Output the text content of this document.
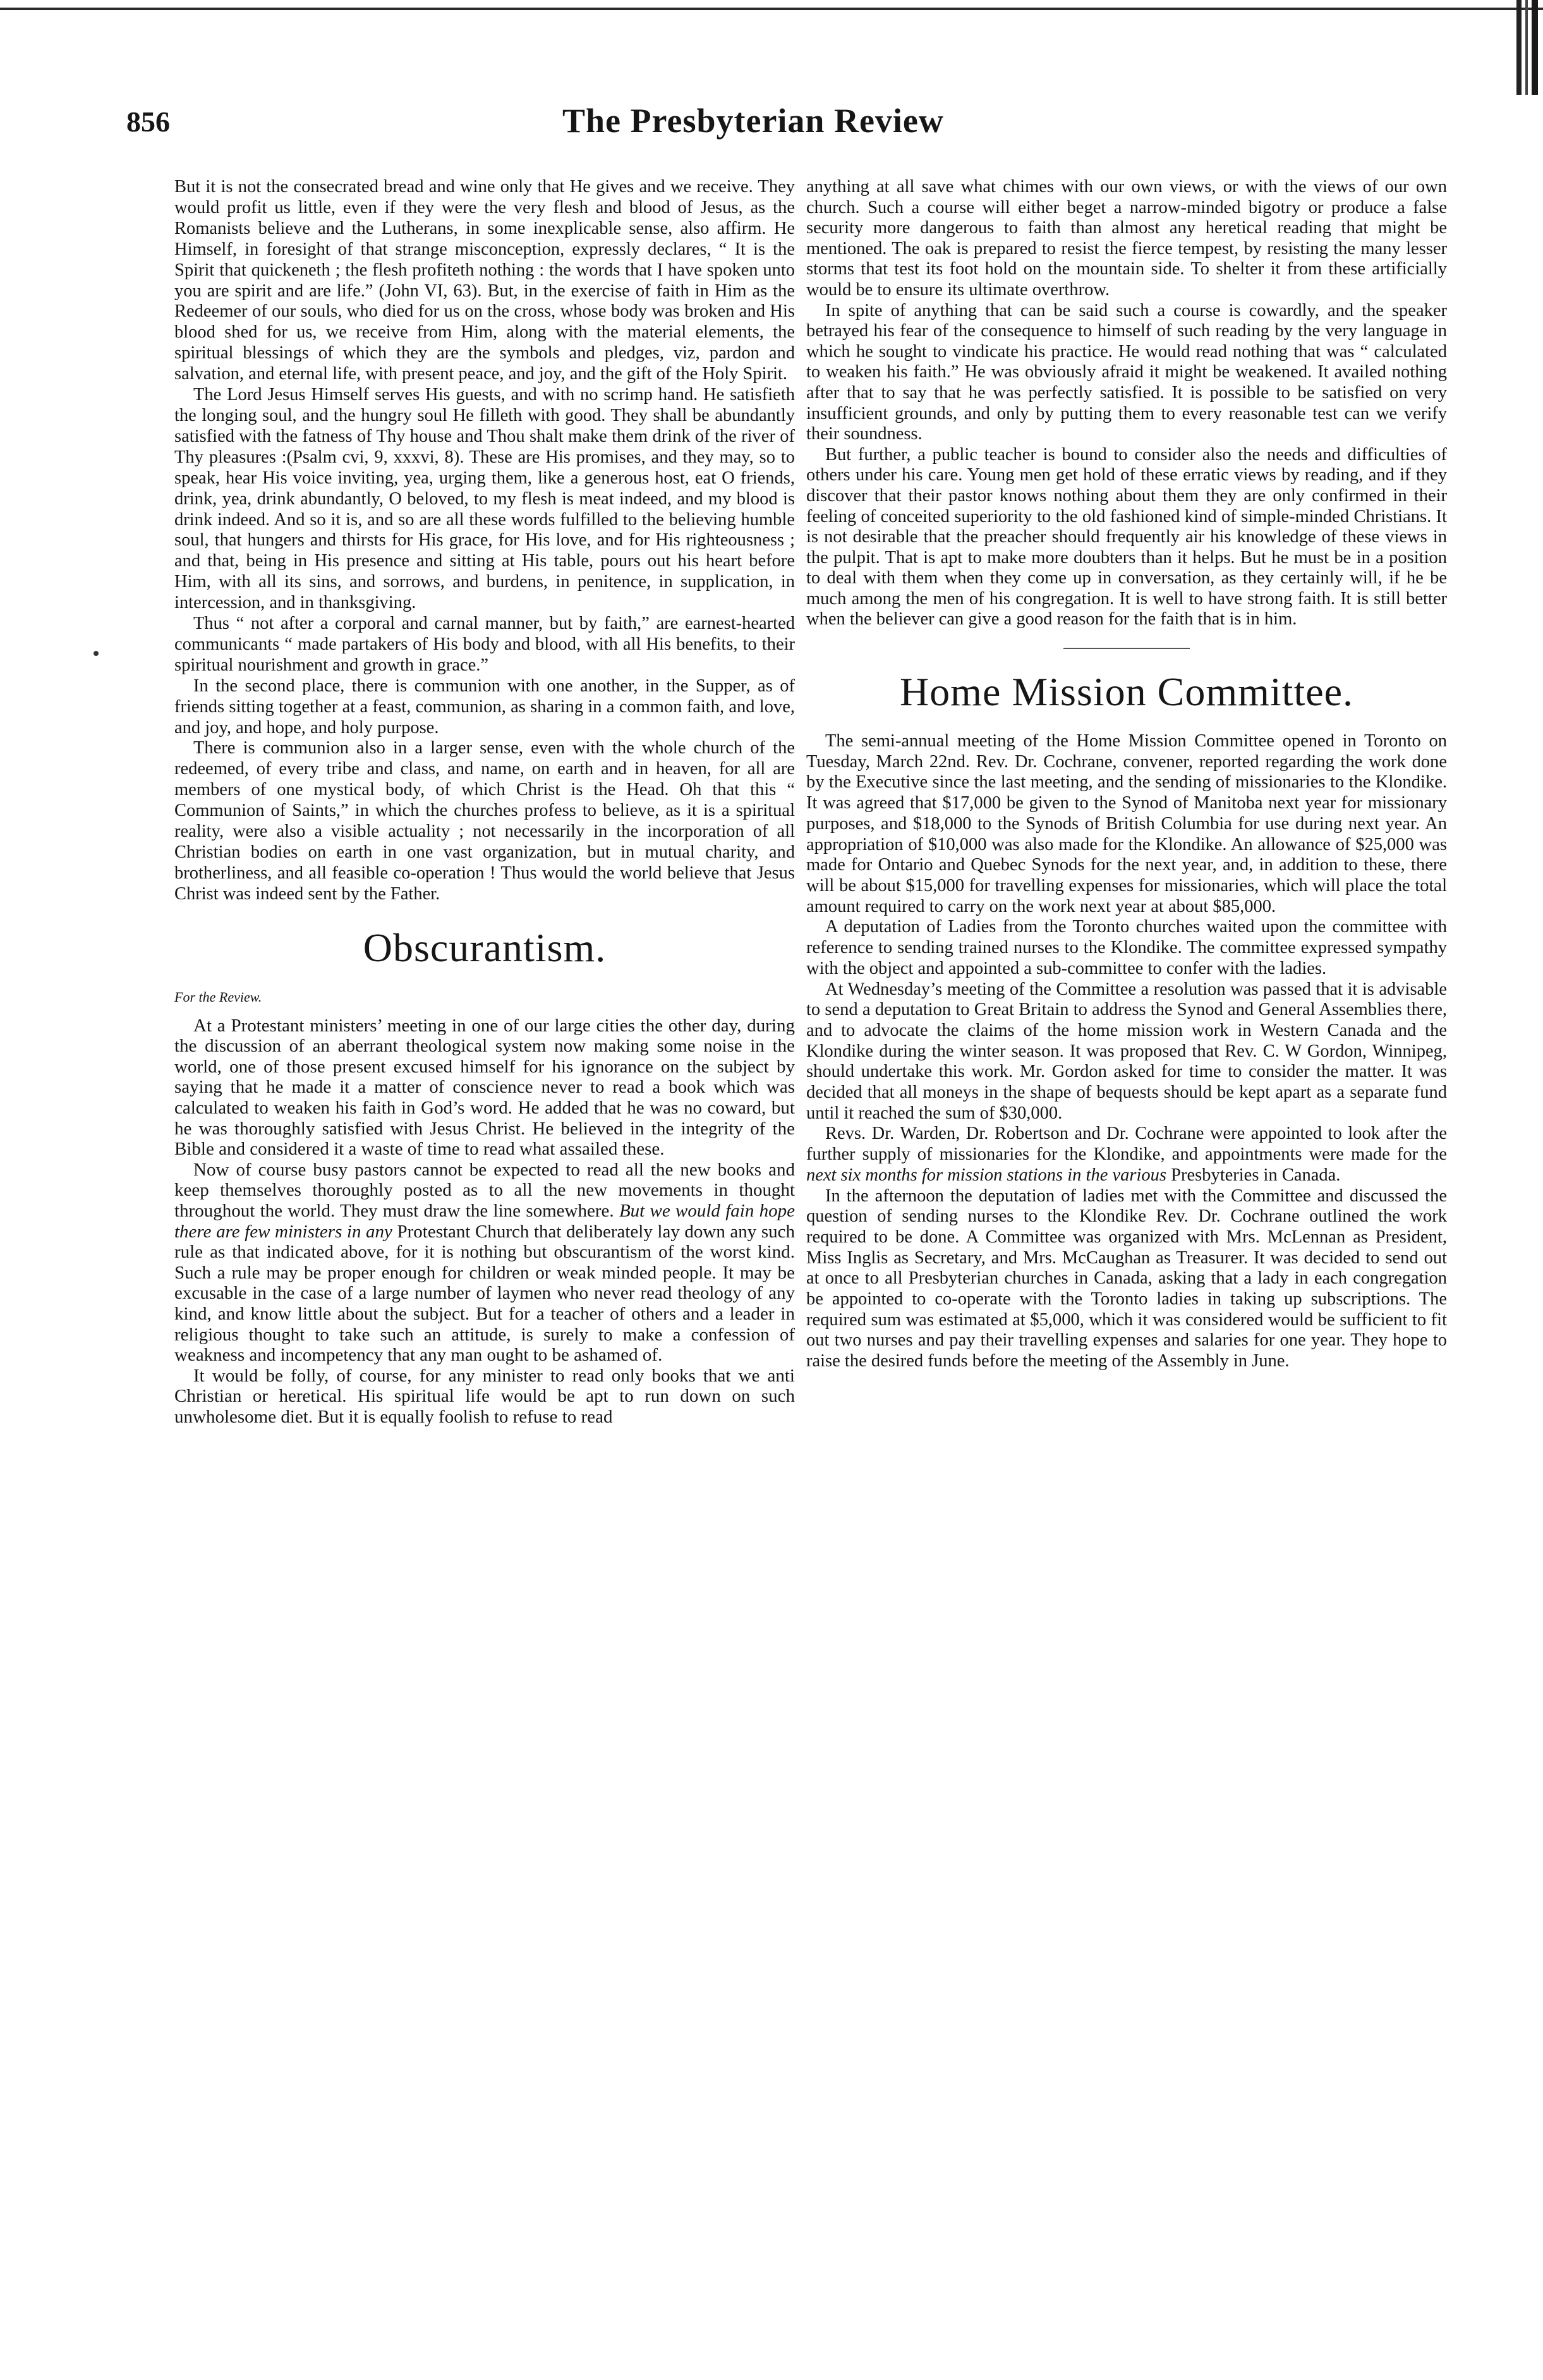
856	The Presbyterian Review

But it is not the consecrated bread and wine only that He gives and we receive. They would profit us little, even if they were the very flesh and blood of Jesus, as the Romanists believe and the Lutherans, in some inexplicable sense, also affirm. He Himself, in foresight of that strange misconception, expressly declares, “ It is the Spirit that quickeneth ; the flesh profiteth nothing : the words that I have spoken unto you are spirit and are life.” (John VI, 63). But, in the exercise of faith in Him as the Redeemer of our souls, who died for us on the cross, whose body was broken and His blood shed for us, we receive from Him, along with the material elements, the spiritual blessings of which they are the symbols and pledges, viz, pardon and salvation, and eternal life, with present peace, and joy, and the gift of the Holy Spirit.

The Lord Jesus Himself serves His guests, and with no scrimp hand. He satisfieth the longing soul, and the hungry soul He filleth with good. They shall be abundantly satisfied with the fatness of Thy house and Thou shalt make them drink of the river of Thy pleasures :(Psalm cvi, 9, xxxvi, 8). These are His promises, and they may, so to speak, hear His voice inviting, yea, urging them, like a generous host, eat O friends, drink, yea, drink abundantly, O beloved, to my flesh is meat indeed, and my blood is drink indeed. And so it is, and so are all these words fulfilled to the believing humble soul, that hungers and thirsts for His grace, for His love, and for His righteousness ; and that, being in His presence and sitting at His table, pours out his heart before Him, with all its sins, and sorrows, and burdens, in penitence, in supplication, in intercession, and in thanksgiving.

Thus “ not after a corporal and carnal manner, but by faith,” are earnest-hearted communicants “ made partakers of His body and blood, with all His benefits, to their spiritual nourishment and growth in grace.”

In the second place, there is communion with one another, in the Supper, as of friends sitting together at a feast, communion, as sharing in a common faith, and love, and joy, and hope, and holy purpose.

There is communion also in a larger sense, even with the whole church of the redeemed, of every tribe and class, and name, on earth and in heaven, for all are members of one mystical body, of which Christ is the Head. Oh that this “ Communion of Saints,” in which the churches profess to believe, as it is a spiritual reality, were also a visible actuality ; not necessarily in the incorporation of all Christian bodies on earth in one vast organization, but in mutual charity, and brotherliness, and all feasible co-operation ! Thus would the world believe that Jesus Christ was indeed sent by the Father.

Obscurantism.
For the Review.

At a Protestant ministers’ meeting in one of our large cities the other day, during the discussion of an aberrant theological system now making some noise in the world, one of those present excused himself for his ignorance on the subject by saying that he made it a matter of conscience never to read a book which was calculated to weaken his faith in God’s word. He added that he was no coward, but he was thoroughly satisfied with Jesus Christ. He believed in the integrity of the Bible and considered it a waste of time to read what assailed these.

Now of course busy pastors cannot be expected to read all the new books and keep themselves thoroughly posted as to all the new movements in thought throughout the world. They must draw the line somewhere. But we would fain hope there are few ministers in any Protestant Church that deliberately lay down any such rule as that indicated above, for it is nothing but obscurantism of the worst kind. Such a rule may be proper enough for children or weak minded people. It may be excusable in the case of a large number of laymen who never read theology of any kind, and know little about the subject. But for a teacher of others and a leader in religious thought to take such an attitude, is surely to make a confession of weakness and incompetency that any man ought to be ashamed of.

It would be folly, of course, for any minister to read only books that we anti Christian or heretical. His spiritual life would be apt to run down on such unwholesome diet. But it is equally foolish to refuse to read

anything at all save what chimes with our own views, or with the views of our own church. Such a course will either beget a narrow-minded bigotry or produce a false security more dangerous to faith than almost any heretical reading that might be mentioned. The oak is prepared to resist the fierce tempest, by resisting the many lesser storms that test its foot hold on the mountain side. To shelter it from these artificially would be to ensure its ultimate overthrow.

In spite of anything that can be said such a course is cowardly, and the speaker betrayed his fear of the consequence to himself of such reading by the very language in which he sought to vindicate his practice. He would read nothing that was “ calculated to weaken his faith.” He was obviously afraid it might be weakened. It availed nothing after that to say that he was perfectly satisfied. It is possible to be satisfied on very insufficient grounds, and only by putting them to every reasonable test can we verify their soundness.

But further, a public teacher is bound to consider also the needs and difficulties of others under his care. Young men get hold of these erratic views by reading, and if they discover that their pastor knows nothing about them they are only confirmed in their feeling of conceited superiority to the old fashioned kind of simple-minded Christians. It is not desirable that the preacher should frequently air his knowledge of these views in the pulpit. That is apt to make more doubters than it helps. But he must be in a position to deal with them when they come up in conversation, as they certainly will, if he be much among the men of his congregation. It is well to have strong faith. It is still better when the believer can give a good reason for the faith that is in him.

Home Mission Committee.

The semi-annual meeting of the Home Mission Committee opened in Toronto on Tuesday, March 22nd. Rev. Dr. Cochrane, convener, reported regarding the work done by the Executive since the last meeting, and the sending of missionaries to the Klondike. It was agreed that $17,000 be given to the Synod of Manitoba next year for missionary purposes, and $18,000 to the Synods of British Columbia for use during next year. An appropriation of $10,000 was also made for the Klondike. An allowance of $25,000 was made for Ontario and Quebec Synods for the next year, and, in addition to these, there will be about $15,000 for travelling expenses for missionaries, which will place the total amount required to carry on the work next year at about $85,000.

A deputation of Ladies from the Toronto churches waited upon the committee with reference to sending trained nurses to the Klondike. The committee expressed sympathy with the object and appointed a sub-committee to confer with the ladies.

At Wednesday’s meeting of the Committee a resolution was passed that it is advisable to send a deputation to Great Britain to address the Synod and General Assemblies there, and to advocate the claims of the home mission work in Western Canada and the Klondike during the winter season. It was proposed that Rev. C. W Gordon, Winnipeg, should undertake this work. Mr. Gordon asked for time to consider the matter. It was decided that all moneys in the shape of bequests should be kept apart as a separate fund until it reached the sum of $30,000.

Revs. Dr. Warden, Dr. Robertson and Dr. Cochrane were appointed to look after the further supply of missionaries for the Klondike, and appointments were made for the next six months for mission stations in the various Presbyteries in Canada.

In the afternoon the deputation of ladies met with the Committee and discussed the question of sending nurses to the Klondike Rev. Dr. Cochrane outlined the work required to be done. A Committee was organized with Mrs. McLennan as President, Miss Inglis as Secretary, and Mrs. McCaughan as Treasurer. It was decided to send out at once to all Presbyterian churches in Canada, asking that a lady in each congregation be appointed to co-operate with the Toronto ladies in taking up subscriptions. The required sum was estimated at $5,000, which it was considered would be sufficient to fit out two nurses and pay their travelling expenses and salaries for one year. They hope to raise the desired funds before the meeting of the Assembly in June.
